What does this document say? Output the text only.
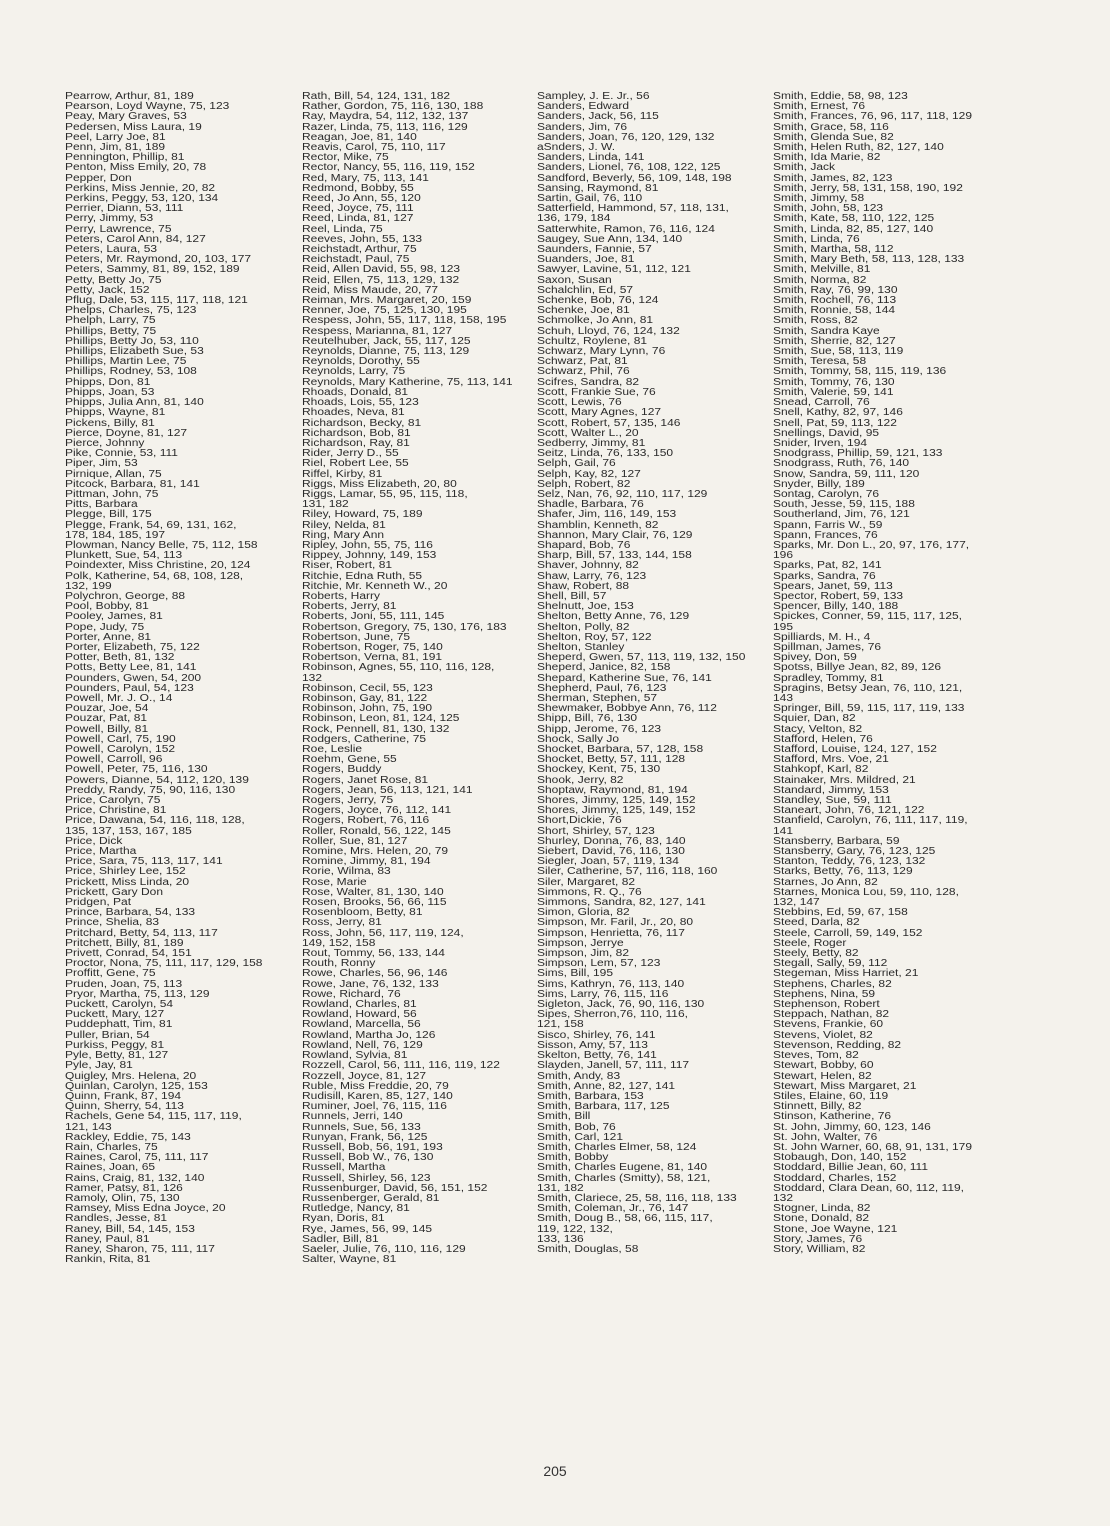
Pearrow, Arthur, 81, 189
Pearson, Loyd Wayne, 75, 123
Peay, Mary Graves, 53
Pedersen, Miss Laura, 19
Peel, Larry Joe, 81
Penn, Jim, 81, 189
Pennington, Phillip, 81
Penton, Miss Emily, 20, 78
Pepper, Don
Perkins, Miss Jennie, 20, 82
Perkins, Peggy, 53, 120, 134
Perrier, Diann, 53, 111
Perry, Jimmy, 53
Perry, Lawrence, 75
Peters, Carol Ann, 84, 127
Peters, Laura, 53
Peters, Mr. Raymond, 20, 103, 177
Peters, Sammy, 81, 89, 152, 189
Petty, Betty Jo, 75
Petty, Jack, 152
Pflug, Dale, 53, 115, 117, 118, 121
Phelps, Charles, 75, 123
Phelph, Larry, 75
Phillips, Betty, 75
Phillips, Betty Jo, 53, 110
Phillips, Elizabeth Sue, 53
Phillips, Martin Lee, 75
Phillips, Rodney, 53, 108
Phipps, Don, 81
Phipps, Joan, 53
Phipps, Julia Ann, 81, 140
Phipps, Wayne, 81
Pickens, Billy, 81
Pierce, Doyne, 81, 127
Pierce, Johnny
Pike, Connie, 53, 111
Piper, Jim, 53
Pirnique, Allan, 75
Pitcock, Barbara, 81, 141
Pittman, John, 75
Pitts, Barbara
Plegge, Bill, 175
Plegge, Frank, 54, 69, 131, 162,
178, 184, 185, 197
Plowman, Nancy Belle, 75, 112, 158
Plunkett, Sue, 54, 113
Poindexter, Miss Christine, 20, 124
Polk, Katherine, 54, 68, 108, 128,
132, 199
Polychron, George, 88
Pool, Bobby, 81
Pooley, James, 81
Pope, Judy, 75
Porter, Anne, 81
Porter, Elizabeth, 75, 122
Potter, Beth, 81, 132
Potts, Betty Lee, 81, 141
Pounders, Gwen, 54, 200
Pounders, Paul, 54, 123
Powell, Mr. J. O., 14
Pouzar, Joe, 54
Pouzar, Pat, 81
Powell, Billy, 81
Powell, Carl, 75, 190
Powell, Carolyn, 152
Powell, Carroll, 96
Powell, Peter, 75, 116, 130
Powers, Dianne, 54, 112, 120, 139
Preddy, Randy, 75, 90, 116, 130
Price, Carolyn, 75
Price, Christine, 81
Price, Dawana, 54, 116, 118, 128,
135, 137, 153, 167, 185
Price, Dick
Price, Martha
Price, Sara, 75, 113, 117, 141
Price, Shirley Lee, 152
Prickett, Miss Linda, 20
Prickett, Gary Don
Pridgen, Pat
Prince, Barbara, 54, 133
Prince, Shelia, 83
Pritchard, Betty, 54, 113, 117
Pritchett, Billy, 81, 189
Privett, Conrad, 54, 151
Proctor, Nona, 75, 111, 117, 129, 158
Proffitt, Gene, 75
Pruden, Joan, 75, 113
Pryor, Martha, 75, 113, 129
Puckett, Carolyn, 54
Puckett, Mary, 127
Puddephatt, Tim, 81
Puller, Brian, 54
Purkiss, Peggy, 81
Pyle, Betty, 81, 127
Pyle, Jay, 81
Quigley, Mrs. Helena, 20
Quinlan, Carolyn, 125, 153
Quinn, Frank, 87, 194
Quinn, Sherry, 54, 113
Rachels, Gene 54, 115, 117, 119,
121, 143
Rackley, Eddie, 75, 143
Rain, Charles, 75
Raines, Carol, 75, 111, 117
Raines, Joan, 65
Rains, Craig, 81, 132, 140
Ramer, Patsy, 81, 126
Ramoly, Olin, 75, 130
Ramsey, Miss Edna Joyce, 20
Randles, Jesse, 81
Raney, Bill, 54, 145, 153
Raney, Paul, 81
Raney, Sharon, 75, 111, 117
Rankin, Rita, 81
Rath, Bill, 54, 124, 131, 182
Rather, Gordon, 75, 116, 130, 188
Ray, Maydra, 54, 112, 132, 137
Razer, Linda, 75, 113, 116, 129
Reagan, Joe, 81, 140
Reavis, Carol, 75, 110, 117
Rector, Mike, 75
Rector, Nancy, 55, 116, 119, 152
Red, Mary, 75, 113, 141
Redmond, Bobby, 55
Reed, Jo Ann, 55, 120
Reed, Joyce, 75, 111
Reed, Linda, 81, 127
Reel, Linda, 75
Reeves, John, 55, 133
Reichstadt, Arthur, 75
Reichstadt, Paul, 75
Reid, Allen David, 55, 98, 123
Reid, Ellen, 75, 113, 129, 132
Reid, Miss Maude, 20, 77
Reiman, Mrs. Margaret, 20, 159
Renner, Joe, 75, 125, 130, 195
Respess, John, 55, 117, 118, 158, 195
Respess, Marianna, 81, 127
Reutelhuber, Jack, 55, 117, 125
Reynolds, Dianne, 75, 113, 129
Reynolds, Dorothy, 55
Reynolds, Larry, 75
Reynolds, Mary Katherine, 75, 113, 141
Rhoads, Donald, 81
Rhoads, Lois, 55, 123
Rhoades, Neva, 81
Richardson, Becky, 81
Richardson, Bob, 81
Richardson, Ray, 81
Rider, Jerry D., 55
Riel, Robert Lee, 55
Riffel, Kirby, 81
Riggs, Miss Elizabeth, 20, 80
Riggs, Lamar, 55, 95, 115, 118,
131, 182
Riley, Howard, 75, 189
Riley, Nelda, 81
Ring, Mary Ann
Ripley, John, 55, 75, 116
Rippey, Johnny, 149, 153
Riser, Robert, 81
Ritchie, Edna Ruth, 55
Ritchie, Mr. Kenneth W., 20
Roberts, Harry
Roberts, Jerry, 81
Roberts, Joni, 55, 111, 145
Robertson, Gregory, 75, 130, 176, 183
Robertson, June, 75
Robertson, Roger, 75, 140
Robertson, Verna, 81, 191
Robinson, Agnes, 55, 110, 116, 128,
132
Robinson, Cecil, 55, 123
Robinson, Gay, 81, 122
Robinson, John, 75, 190
Robinson, Leon, 81, 124, 125
Rock, Pennell, 81, 130, 132
Rodgers, Catherine, 75
Roe, Leslie
Roehm, Gene, 55
Rogers, Buddy
Rogers, Janet Rose, 81
Rogers, Jean, 56, 113, 121, 141
Rogers, Jerry, 75
Rogers, Joyce, 76, 112, 141
Rogers, Robert, 76, 116
Roller, Ronald, 56, 122, 145
Roller, Sue, 81, 127
Romine, Mrs. Helen, 20, 79
Romine, Jimmy, 81, 194
Rorie, Wilma, 83
Rose, Marie
Rose, Walter, 81, 130, 140
Rosen, Brooks, 56, 66, 115
Rosenbloom, Betty, 81
Ross, Jerry, 81
Ross, John, 56, 117, 119, 124,
149, 152, 158
Rout, Tommy, 56, 133, 144
Routh, Ronny
Rowe, Charles, 56, 96, 146
Rowe, Jane, 76, 132, 133
Rowe, Richard, 76
Rowland, Charles, 81
Rowland, Howard, 56
Rowland, Marcella, 56
Rowland, Martha Jo, 126
Rowland, Nell, 76, 129
Rowland, Sylvia, 81
Rozzell, Carol, 56, 111, 116, 119, 122
Rozzell, Joyce, 81, 127
Ruble, Miss Freddie, 20, 79
Rudisill, Karen, 85, 127, 140
Ruminer, Joel, 76, 115, 116
Runnels, Jerri, 140
Runnels, Sue, 56, 133
Runyan, Frank, 56, 125
Russell, Bob, 56, 191, 193
Russell, Bob W., 76, 130
Russell, Martha
Russell, Shirley, 56, 123
Russenburger, David, 56, 151, 152
Russenberger, Gerald, 81
Rutledge, Nancy, 81
Ryan, Doris, 81
Rye, James, 56, 99, 145
Sadler, Bill, 81
Saeler, Julie, 76, 110, 116, 129
Salter, Wayne, 81
Sampley, J. E. Jr., 56
Sanders, Edward
Sanders, Jack, 56, 115
Sanders, Jim, 76
Sanders, Joan, 76, 120, 129, 132
aSnders, J. W.
Sanders, Linda, 141
Sanders, Lionel, 76, 108, 122, 125
Sandford, Beverly, 56, 109, 148, 198
Sansing, Raymond, 81
Sartin, Gail, 76, 110
Satterfield, Hammond, 57, 118, 131,
136, 179, 184
Satterwhite, Ramon, 76, 116, 124
Saugey, Sue Ann, 134, 140
Saunders, Fannie, 57
Suanders, Joe, 81
Sawyer, Lavine, 51, 112, 121
Saxon, Susan
Schalchlin, Ed, 57
Schenke, Bob, 76, 124
Schenke, Joe, 81
Schmolke, Jo Ann, 81
Schuh, Lloyd, 76, 124, 132
Schultz, Roylene, 81
Schwarz, Mary Lynn, 76
Schwarz, Pat, 81
Schwarz, Phil, 76
Scifres, Sandra, 82
Scott, Frankie Sue, 76
Scott, Lewis, 76
Scott, Mary Agnes, 127
Scott, Robert, 57, 135, 146
Scott, Walter L., 20
Sedberry, Jimmy, 81
Seitz, Linda, 76, 133, 150
Selph, Gail, 76
Selph, Kay, 82, 127
Selph, Robert, 82
Selz, Nan, 76, 92, 110, 117, 129
Shadle, Barbara, 76
Shafer, Jim, 116, 149, 153
Shamblin, Kenneth, 82
Shannon, Mary Clair, 76, 129
Shapard, Bob, 76
Sharp, Bill, 57, 133, 144, 158
Shaver, Johnny, 82
Shaw, Larry, 76, 123
Shaw, Robert, 88
Shell, Bill, 57
Shelnutt, Joe, 153
Shelton, Betty Anne, 76, 129
Shelton, Polly, 82
Shelton, Roy, 57, 122
Shelton, Stanley
Sheperd, Gwen, 57, 113, 119, 132, 150
Sheperd, Janice, 82, 158
Shepard, Katherine Sue, 76, 141
Shepherd, Paul, 76, 123
Sherman, Stephen, 57
Shewmaker, Bobbye Ann, 76, 112
Shipp, Bill, 76, 130
Shipp, Jerome, 76, 123
Shock, Sally Jo
Shocket, Barbara, 57, 128, 158
Shocket, Betty, 57, 111, 128
Shockey, Kent, 75, 130
Shook, Jerry, 82
Shoptaw, Raymond, 81, 194
Shores, Jimmy, 125, 149, 152
Shores, Jimmy, 125, 149, 152
Short,Dickie, 76
Short, Shirley, 57, 123
Shurley, Donna, 76, 83, 140
Siebert, David, 76, 116, 130
Siegler, Joan, 57, 119, 134
Siler, Catherine, 57, 116, 118, 160
Siler, Margaret, 82
Simmons, R. Q., 76
Simmons, Sandra, 82, 127, 141
Simon, Gloria, 82
Simpson, Mr. Faril, Jr., 20, 80
Simpson, Henrietta, 76, 117
Simpson, Jerrye
Simpson, Jim, 82
Simpson, Lem, 57, 123
Sims, Bill, 195
Sims, Kathryn, 76, 113, 140
Sims, Larry, 76, 115, 116
Sigleton, Jack, 76, 90, 116, 130
Sipes, Sherron,76, 110, 116,
121, 158
Sisco, Shirley, 76, 141
Sisson, Amy, 57, 113
Skelton, Betty, 76, 141
Slayden, Janell, 57, 111, 117
Smith, Andy, 83
Smith, Anne, 82, 127, 141
Smith, Barbara, 153
Smith, Barbara, 117, 125
Smith, Bill
Smith, Bob, 76
Smith, Carl, 121
Smith, Charles Elmer, 58, 124
Smith, Bobby
Smith, Charles Eugene, 81, 140
Smith, Charles (Smitty), 58, 121,
131, 182
Smith, Clariece, 25, 58, 116, 118, 133
Smith, Coleman, Jr., 76, 147
Smith, Doug B., 58, 66, 115, 117,
119, 122, 132,
133, 136
Smith, Douglas, 58
Smith, Eddie, 58, 98, 123
Smith, Ernest, 76
Smith, Frances, 76, 96, 117, 118, 129
Smith, Grace, 58, 116
Smith, Glenda Sue, 82
Smith, Helen Ruth, 82, 127, 140
Smith, Ida Marie, 82
Smith, Jack
Smith, James, 82, 123
Smith, Jerry, 58, 131, 158, 190, 192
Smith, Jimmy, 58
Smith, John, 58, 123
Smith, Kate, 58, 110, 122, 125
Smith, Linda, 82, 85, 127, 140
Smith, Linda, 76
Smith, Martha, 58, 112
Smith, Mary Beth, 58, 113, 128, 133
Smith, Melville, 81
Smith, Norma, 82
Smith, Ray, 76, 99, 130
Smith, Rochell, 76, 113
Smith, Ronnie, 58, 144
Smith, Ross, 82
Smith, Sandra Kaye
Smith, Sherrie, 82, 127
Smith, Sue, 58, 113, 119
Smith, Teresa, 58
Smith, Tommy, 58, 115, 119, 136
Smith, Tommy, 76, 130
Smith, Valerie, 59, 141
Snead, Carroll, 76
Snell, Kathy, 82, 97, 146
Snell, Pat, 59, 113, 122
Snellings, David, 95
Snider, Irven, 194
Snodgrass, Phillip, 59, 121, 133
Snodgrass, Ruth, 76, 140
Snow, Sandra, 59, 111, 120
Snyder, Billy, 189
Sontag, Carolyn, 76
South, Jesse, 59, 115, 188
Southerland, Jim, 76, 121
Spann, Farris W., 59
Spann, Frances, 76
Sparks, Mr. Don L., 20, 97, 176, 177,
196
Sparks, Pat, 82, 141
Sparks, Sandra, 76
Spears, Janet, 59, 113
Spector, Robert, 59, 133
Spencer, Billy, 140, 188
Spickes, Conner, 59, 115, 117, 125,
195
Spilliards, M. H., 4
Spillman, James, 76
Spivey, Don, 59
Spotss, Billye Jean, 82, 89, 126
Spradley, Tommy, 81
Spragins, Betsy Jean, 76, 110, 121,
143
Springer, Bill, 59, 115, 117, 119, 133
Squier, Dan, 82
Stacy, Velton, 82
Stafford, Helen, 76
Stafford, Louise, 124, 127, 152
Stafford, Mrs. Voe, 21
Stahkopf, Karl, 82
Stainaker, Mrs. Mildred, 21
Standard, Jimmy, 153
Standley, Sue, 59, 111
Staneart, John, 76, 121, 122
Stanfield, Carolyn, 76, 111, 117, 119,
141
Stansberry, Barbara, 59
Stansberry, Gary, 76, 123, 125
Stanton, Teddy, 76, 123, 132
Starks, Betty, 76, 113, 129
Starnes, Jo Ann, 82
Starnes, Monica Lou, 59, 110, 128,
132, 147
Stebbins, Ed, 59, 67, 158
Steed, Darla, 82
Steele, Carroll, 59, 149, 152
Steele, Roger
Steely, Betty, 82
Stegall, Sally, 59, 112
Stegeman, Miss Harriet, 21
Stephens, Charles, 82
Stephens, Nina, 59
Stephenson, Robert
Steppach, Nathan, 82
Stevens, Frankie, 60
Stevens, Violet, 82
Stevenson, Redding, 82
Steves, Tom, 82
Stewart, Bobby, 60
Stewart, Helen, 82
Stewart, Miss Margaret, 21
Stiles, Elaine, 60, 119
Stinnett, Billy, 82
Stinson, Katherine, 76
St. John, Jimmy, 60, 123, 146
St. John, Walter, 76
St. John Warner, 60, 68, 91, 131, 179
Stobaugh, Don, 140, 152
Stoddard, Billie Jean, 60, 111
Stoddard, Charles, 152
Stoddard, Clara Dean, 60, 112, 119,
132
Stogner, Linda, 82
Stone, Donald, 82
Stone, Joe Wayne, 121
Story, James, 76
Story, William, 82
205
